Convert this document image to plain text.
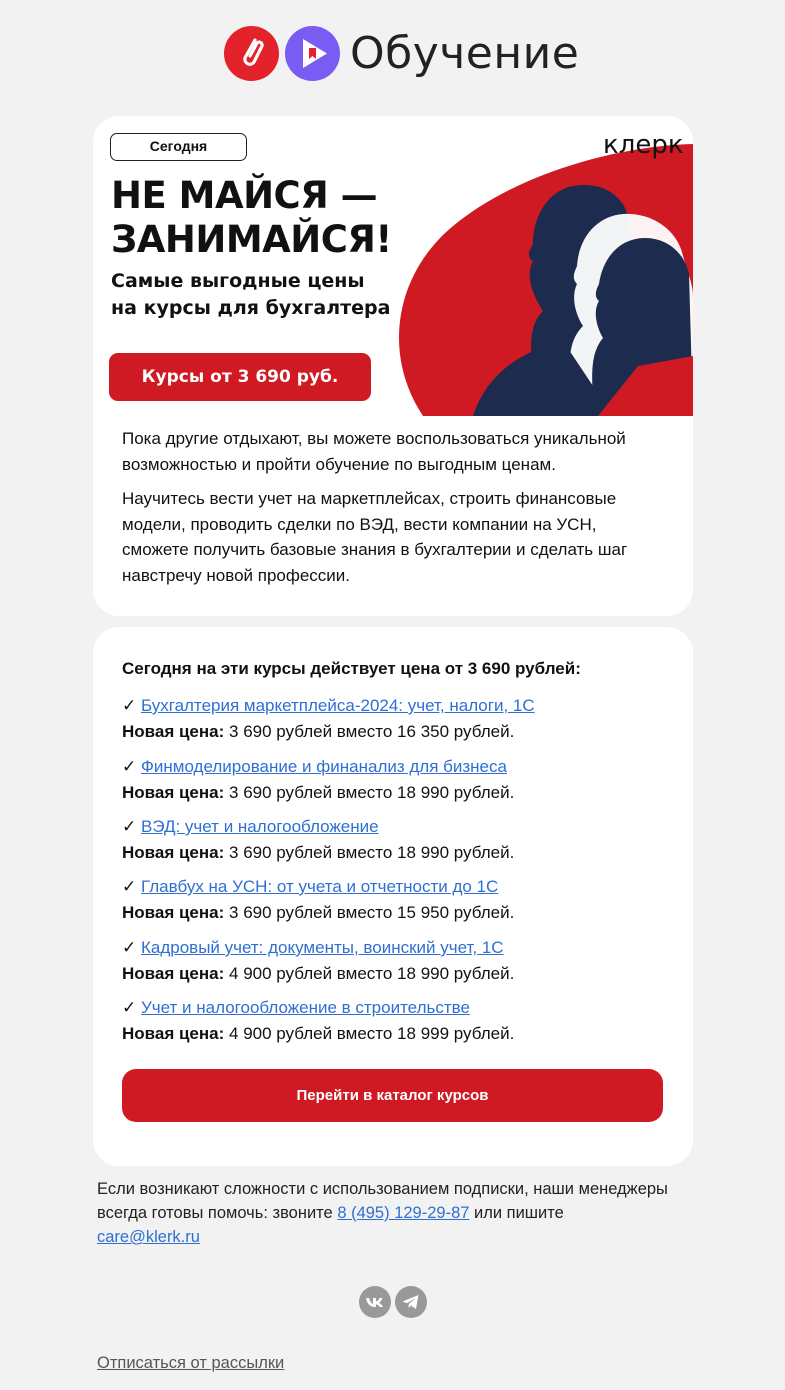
Обучение
Сегодня	клерк
НЕ МАЙСЯ —
ЗАНИМАЙСЯ!
Самые выгодные цены
на курсы для бухгалтера
Курсы от 3 690 руб.

Пока другие отдыхают, вы можете воспользоваться уникальной возможностью и пройти обучение по выгодным ценам.

Научитесь вести учет на маркетплейсах, строить финансовые модели, проводить сделки по ВЭД, вести компании на УСН, сможете получить базовые знания в бухгалтерии и сделать шаг навстречу новой профессии.

Сегодня на эти курсы действует цена от 3 690 рублей:
✓ Бухгалтерия маркетплейса-2024: учет, налоги, 1С
Новая цена: 3 690 рублей вместо 16 350 рублей.
✓ Финмоделирование и финанализ для бизнеса
Новая цена: 3 690 рублей вместо 18 990 рублей.
✓ ВЭД: учет и налогообложение
Новая цена: 3 690 рублей вместо 18 990 рублей.
✓ Главбух на УСН: от учета и отчетности до 1С
Новая цена: 3 690 рублей вместо 15 950 рублей.
✓ Кадровый учет: документы, воинский учет, 1С
Новая цена: 4 900 рублей вместо 18 990 рублей.
✓ Учет и налогообложение в строительстве
Новая цена: 4 900 рублей вместо 18 999 рублей.
Перейти в каталог курсов
Если возникают сложности с использованием подписки, наши менеджеры всегда готовы помочь: звоните 8 (495) 129-29-87 или пишите
care@klerk.ru
Отписаться от рассылки
